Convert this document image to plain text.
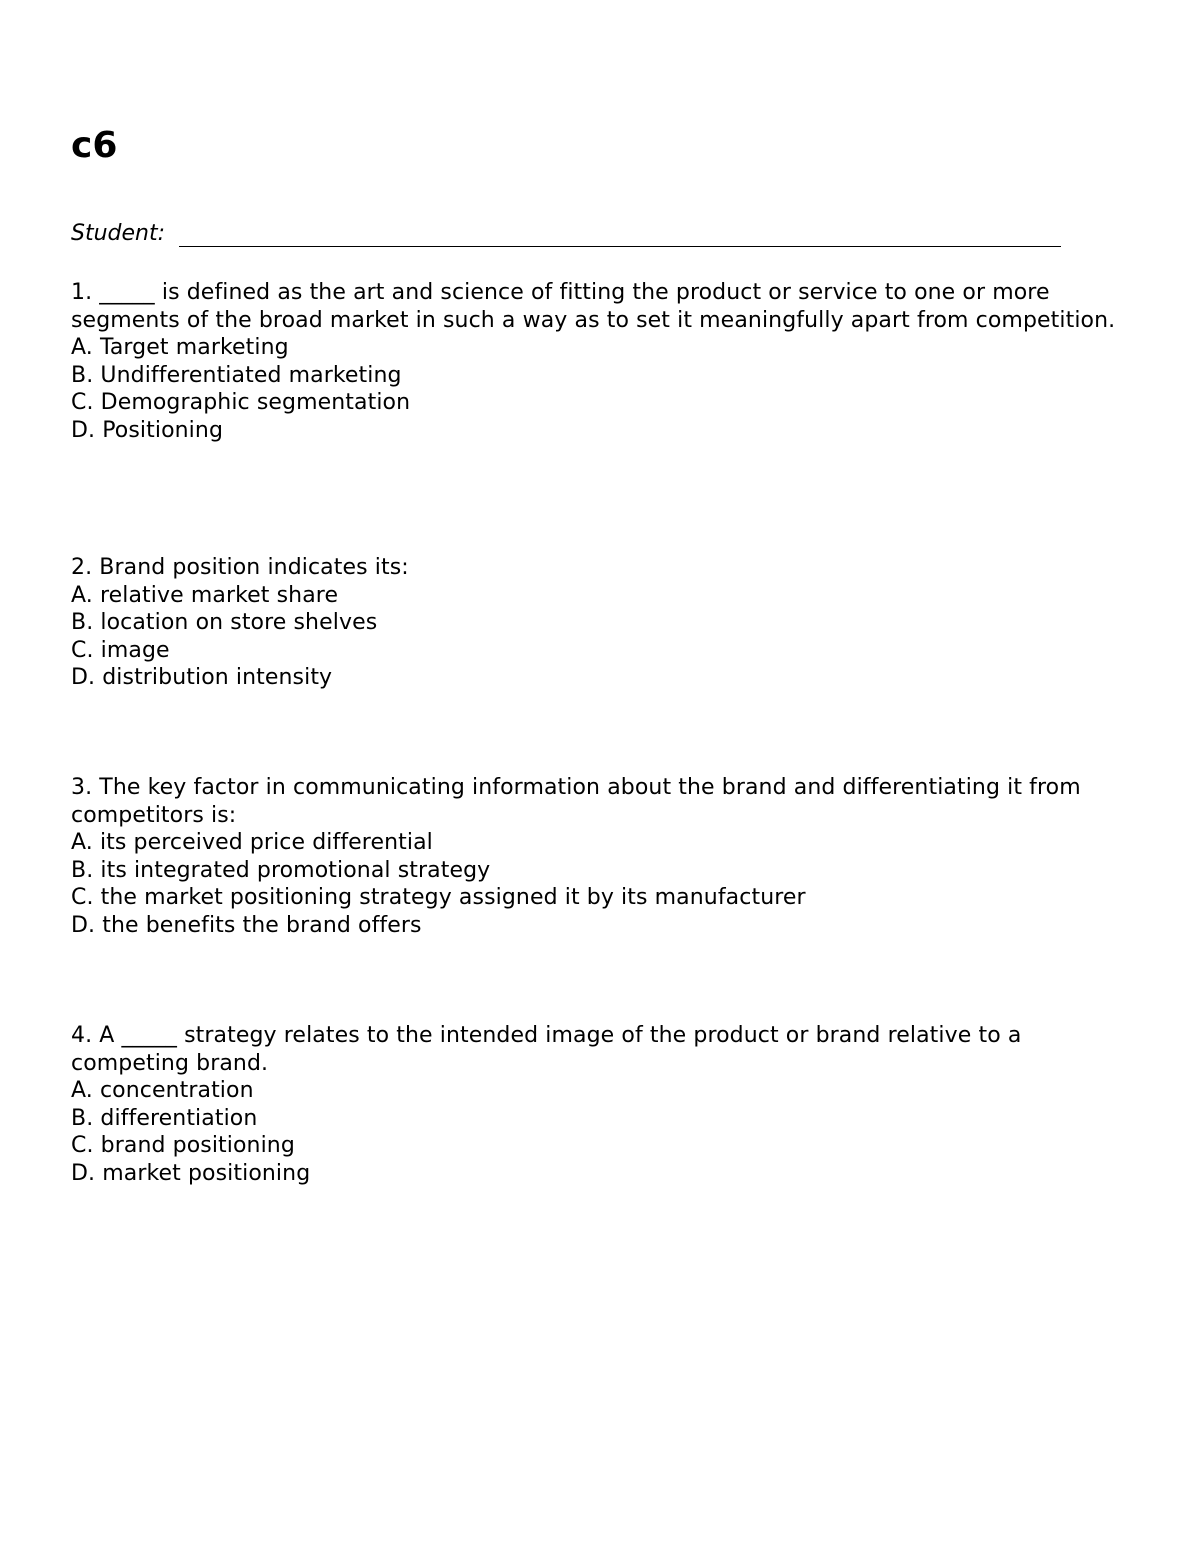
c6
Student:

1. _____ is defined as the art and science of fitting the product or service to one or more segments of the broad market in such a way as to set it meaningfully apart from competition.

A. Target marketing

B. Undifferentiated marketing

C. Demographic segmentation

D. Positioning

2. Brand position indicates its:

A. relative market share

B. location on store shelves

C. image

D. distribution intensity

3. The key factor in communicating information about the brand and differentiating it from competitors is:

A. its perceived price differential

B. its integrated promotional strategy

C. the market positioning strategy assigned it by its manufacturer

D. the benefits the brand offers

4. A _____ strategy relates to the intended image of the product or brand relative to a competing brand.

A. concentration

B. differentiation

C. brand positioning

D. market positioning
